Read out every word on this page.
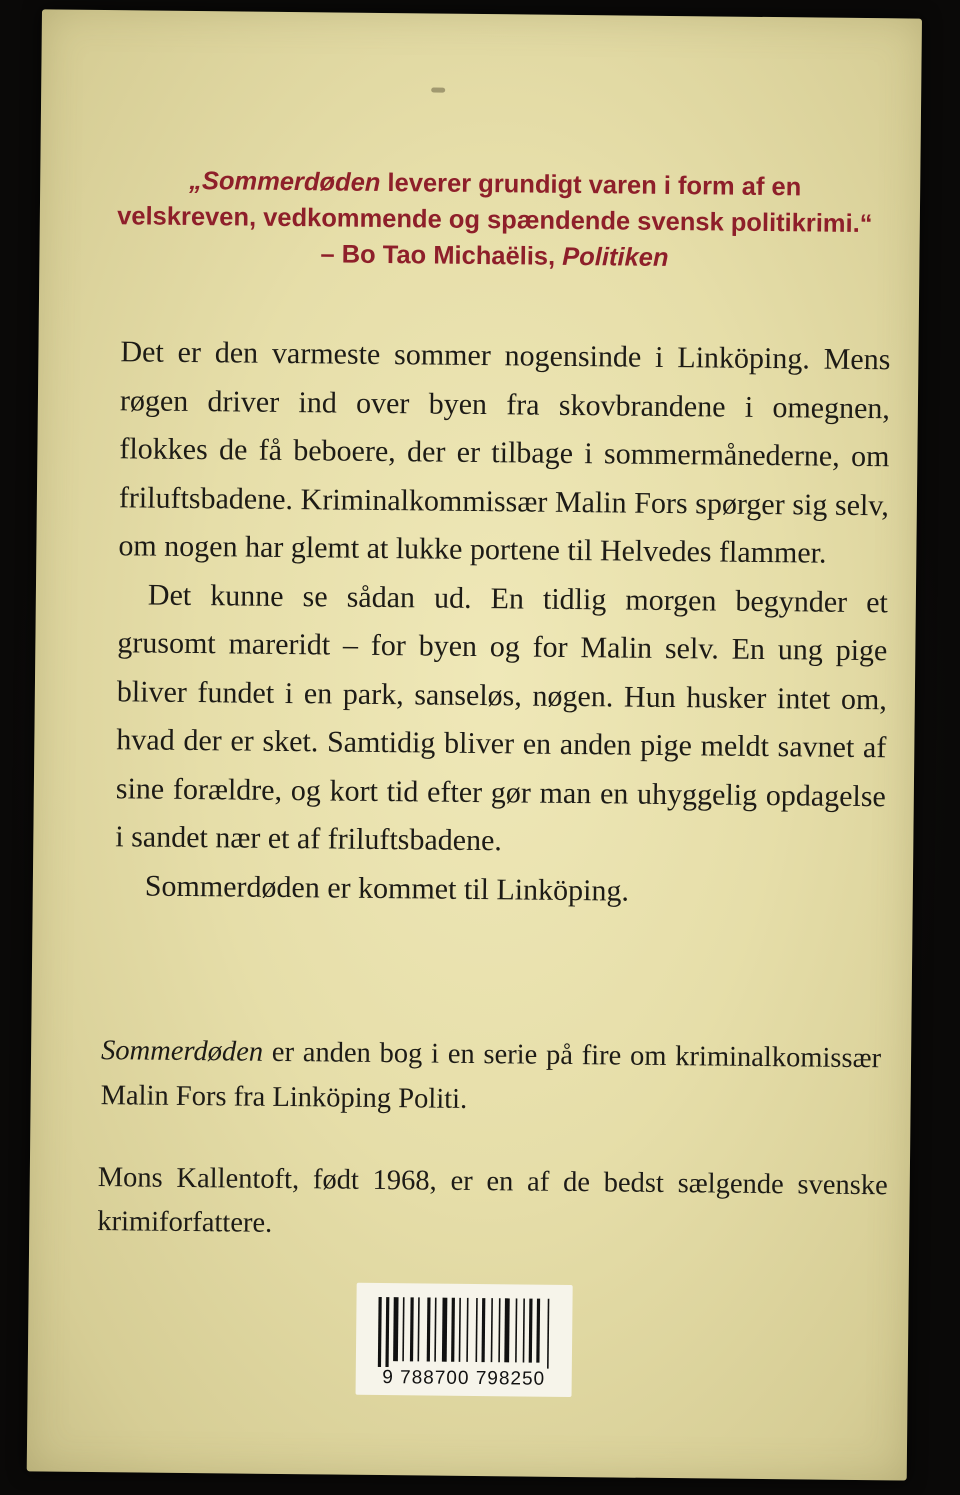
„Sommerdøden leverer grundigt varen i form af en
velskreven, vedkommende og spændende svensk politikrimi.“
– Bo Tao Michaëlis, Politiken

Det er den varmeste sommer nogensinde i Linköping. Mens røgen driver ind over byen fra skovbrandene i omegnen, flokkes de få beboere, der er tilbage i sommermånederne, om friluftsbadene. Kriminalkommissær Malin Fors spørger sig selv, om nogen har glemt at lukke portene til Helvedes flammer.

Det kunne se sådan ud. En tidlig morgen begynder et grusomt mareridt – for byen og for Malin selv. En ung pige bliver fundet i en park, sanseløs, nøgen. Hun husker intet om, hvad der er sket. Samtidig bliver en anden pige meldt savnet af sine forældre, og kort tid efter gør man en uhyggelig opdagelse i sandet nær et af friluftsbadene.

Sommerdøden er kommet til Linköping.

Sommerdøden er anden bog i en serie på fire om kriminalkomissær Malin Fors fra Linköping Politi.
Mons Kallentoft, født 1968, er en af de bedst sælgende svenske krimiforfattere.
9 788700 798250
